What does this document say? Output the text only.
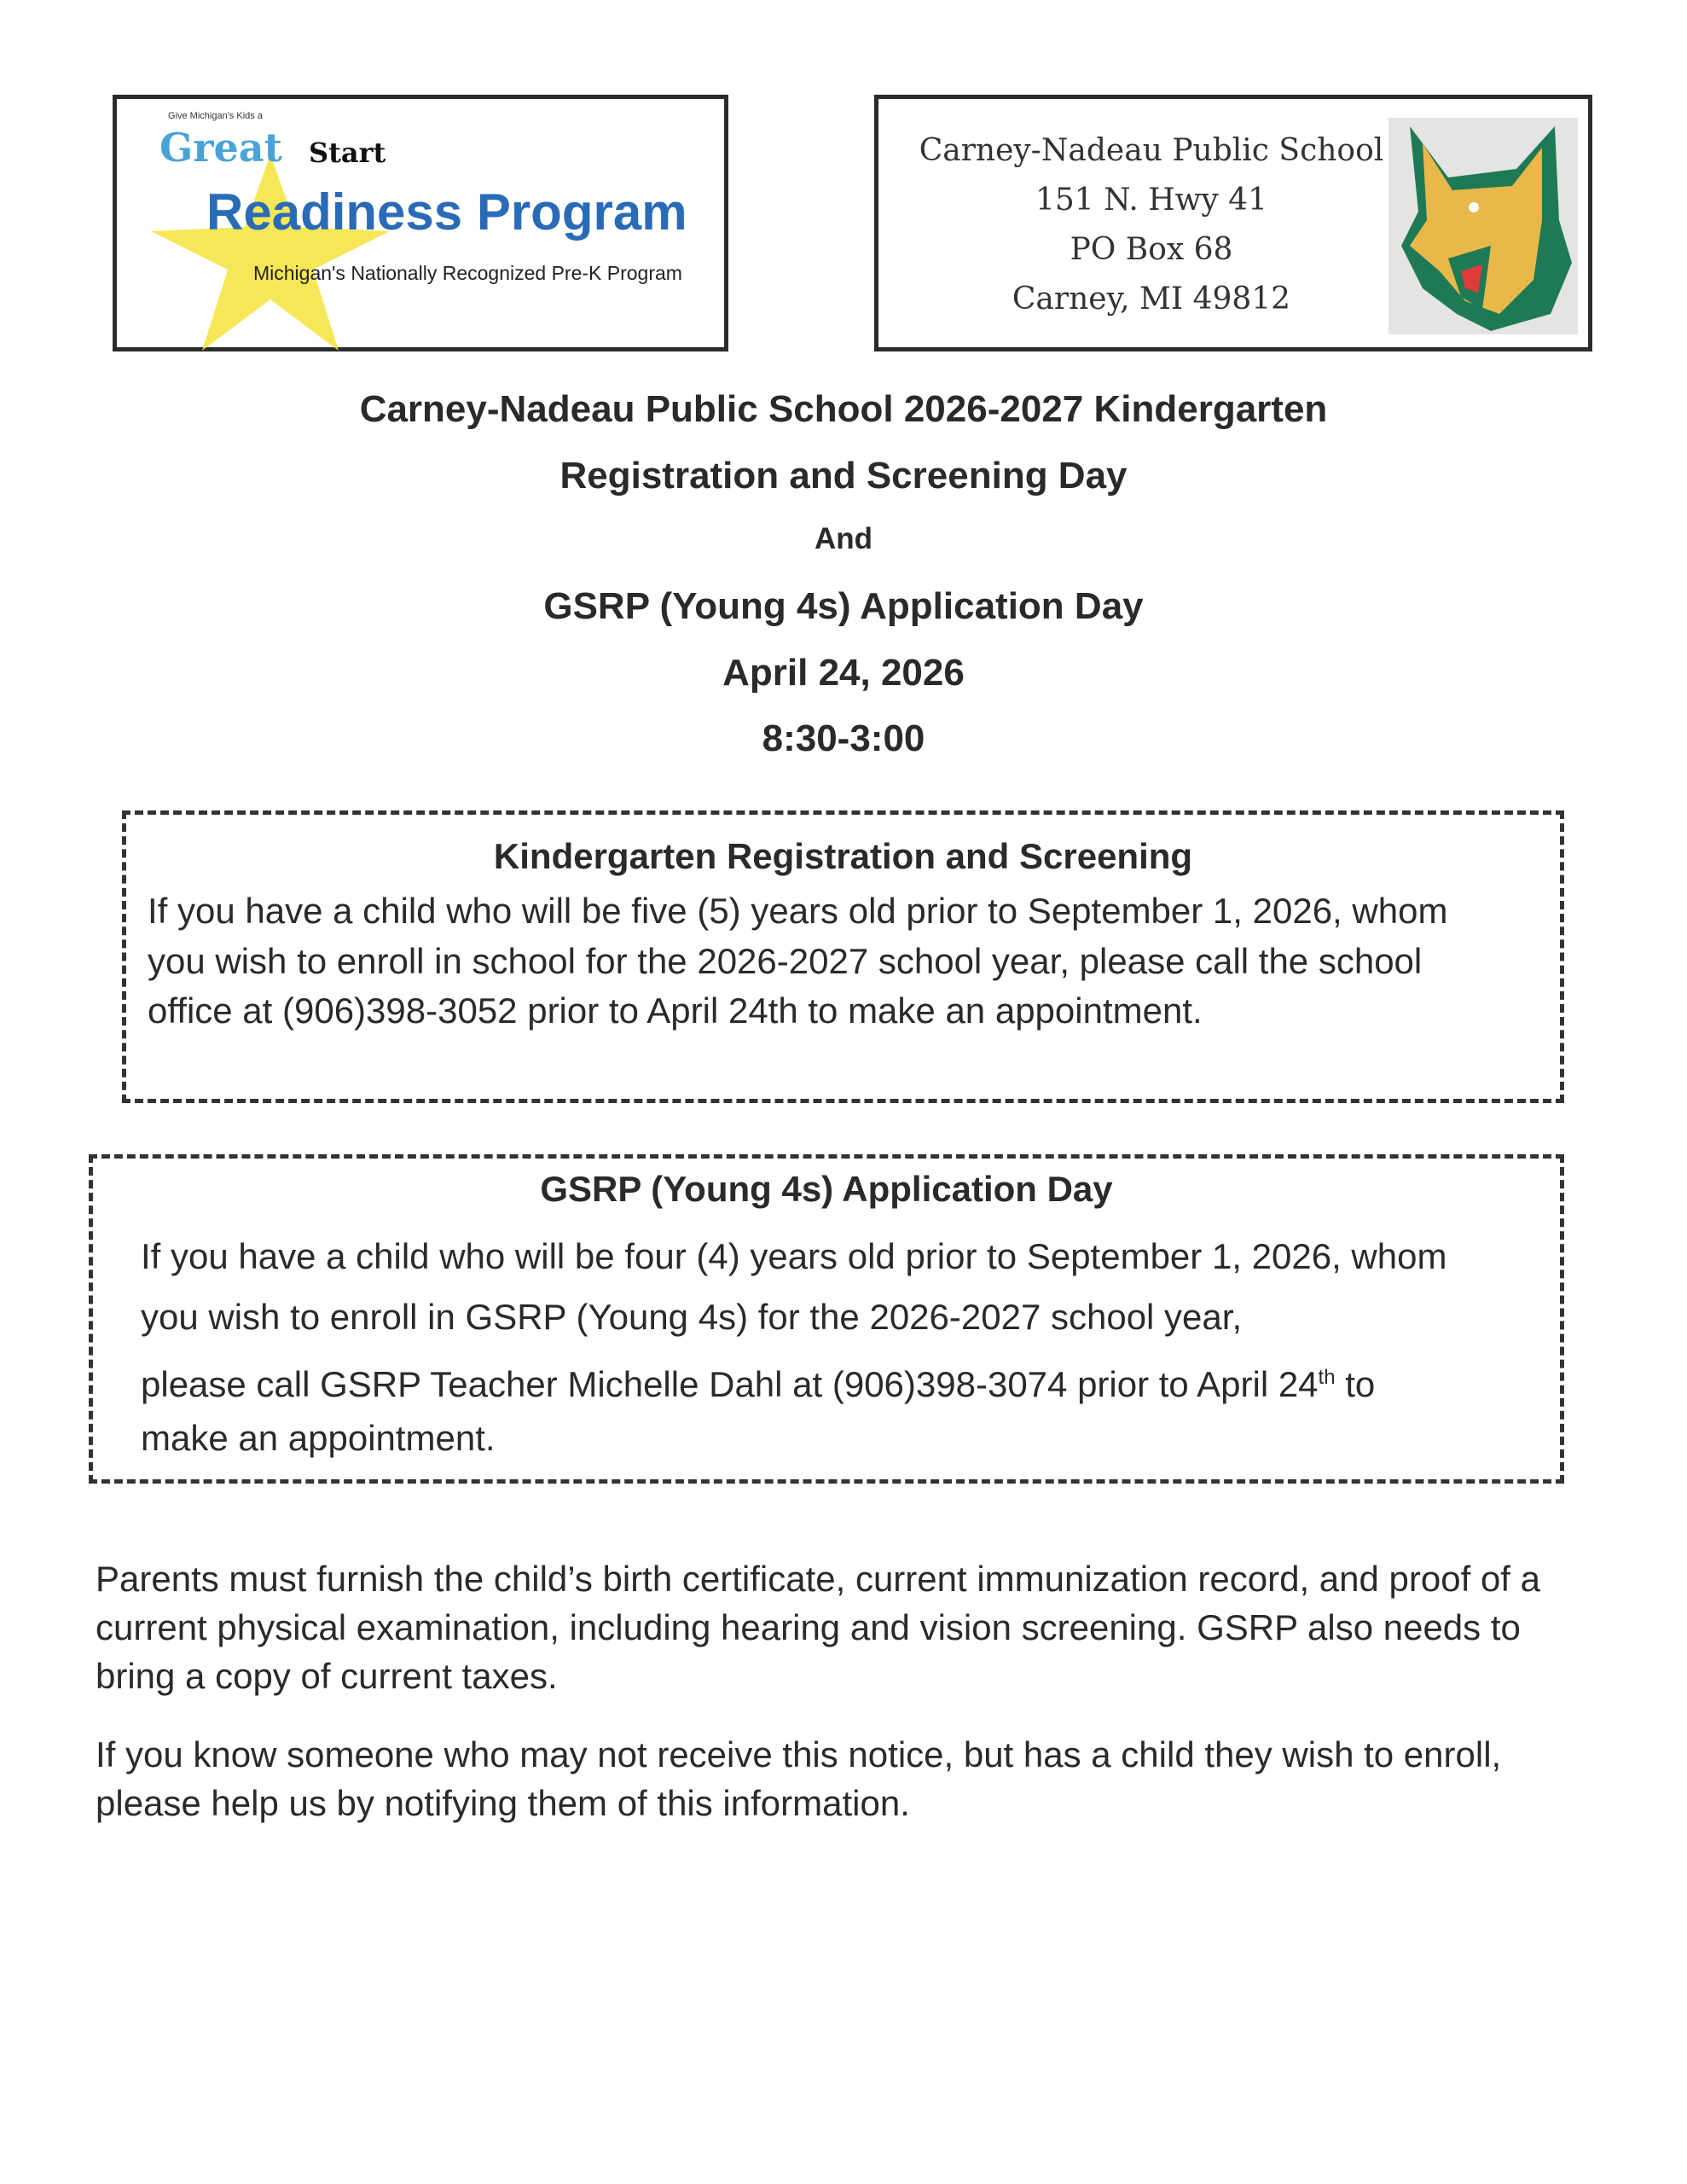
Give Michigan's Kids a
Great Start
Readiness Program
Michigan's Nationally Recognized Pre-K Program
Carney-Nadeau Public School
151 N. Hwy 41
PO Box 68
Carney, MI 49812
Carney-Nadeau Public School 2026-2027 Kindergarten
Registration and Screening Day
And
GSRP (Young 4s) Application Day
April 24, 2026
8:30-3:00
Kindergarten Registration and Screening
If you have a child who will be five (5) years old prior to September 1, 2026, whom
you wish to enroll in school for the 2026-2027 school year, please call the school
office at (906)398-3052 prior to April 24th to make an appointment.
GSRP (Young 4s) Application Day
If you have a child who will be four (4) years old prior to September 1, 2026, whom
you wish to enroll in GSRP (Young 4s) for the 2026-2027 school year,
please call GSRP Teacher Michelle Dahl at (906)398-3074 prior to April 24th to
make an appointment.
Parents must furnish the child’s birth certificate, current immunization record, and proof of a current physical examination, including hearing and vision screening. GSRP also needs to bring a copy of current taxes.
If you know someone who may not receive this notice, but has a child they wish to enroll, please help us by notifying them of this information.
